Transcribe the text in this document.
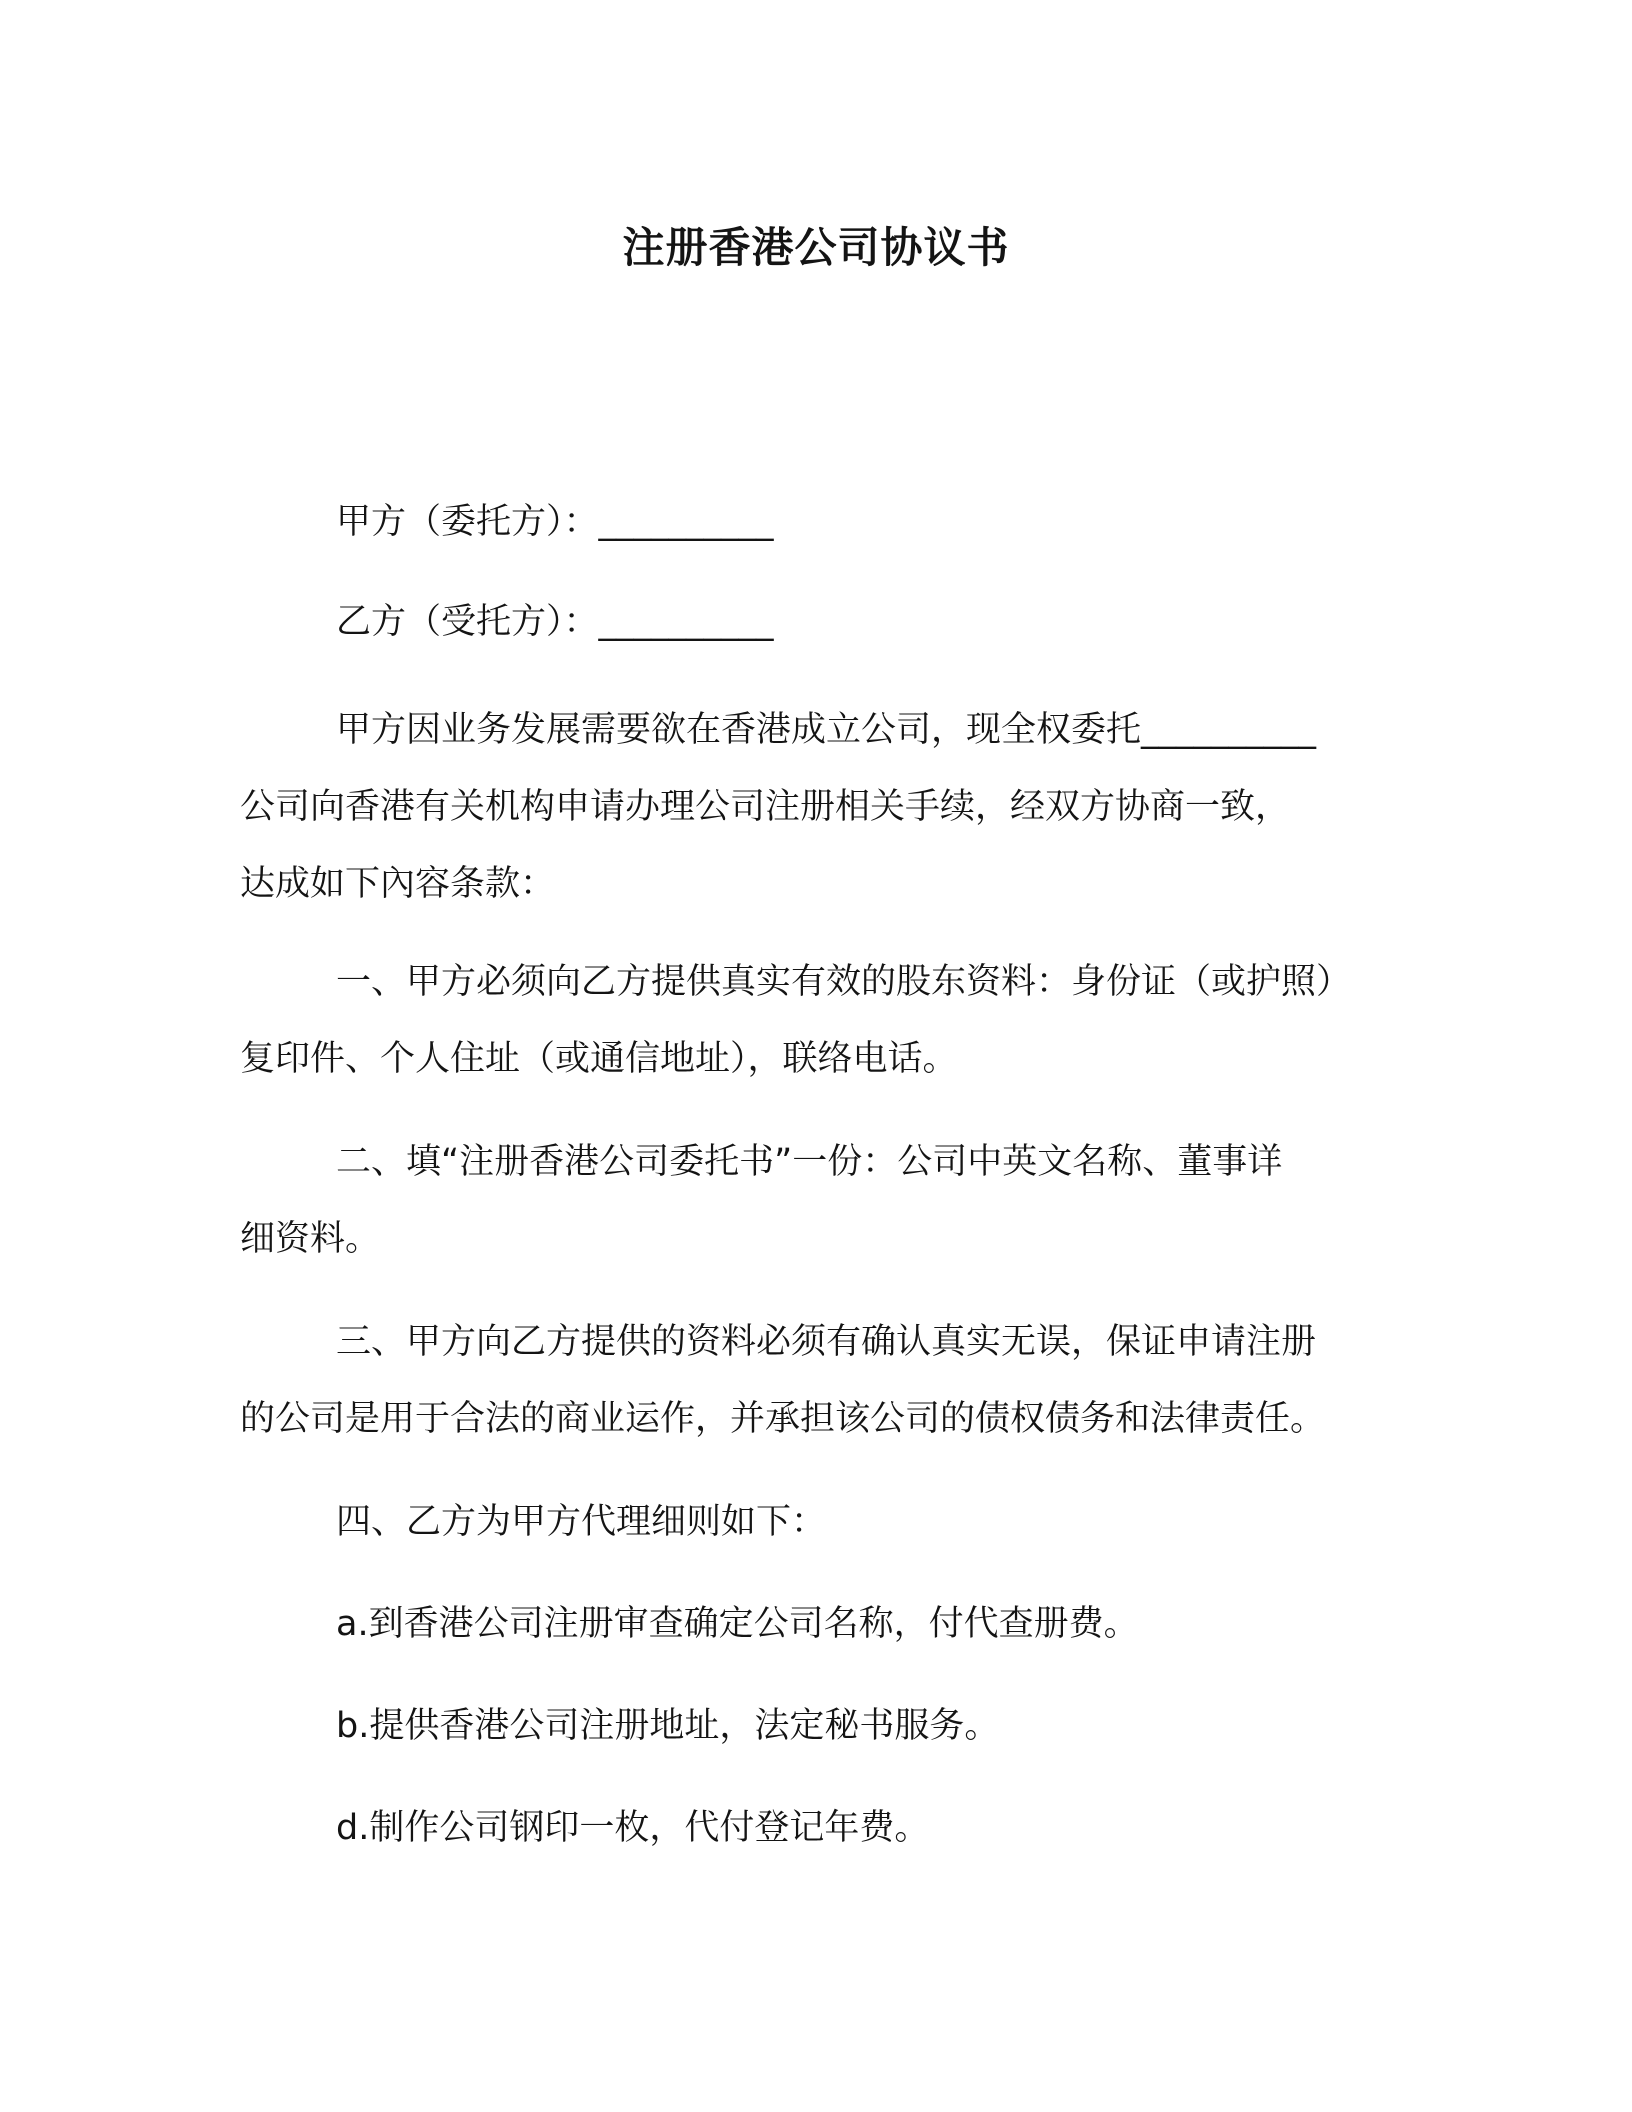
注册香港公司协议书
甲方（委托方）：__________
乙方（受托方）：__________
甲方因业务发展需要欲在香港成立公司，现全权委托__________
公司向香港有关机构申请办理公司注册相关手续，经双方协商一致，
达成如下內容条款：
一、甲方必须向乙方提供真实有效的股东资料：身份证（或护照）
复印件、个人住址（或通信地址），联络电话。
二、填“注册香港公司委托书”一份：公司中英文名称、董事详
细资料。
三、甲方向乙方提供的资料必须有确认真实无误，保证申请注册
的公司是用于合法的商业运作，并承担该公司的债权债务和法律责任。
四、乙方为甲方代理细则如下：
a.到香港公司注册审查确定公司名称，付代查册费。
b.提供香港公司注册地址，法定秘书服务。
d.制作公司钢印一枚，代付登记年费。
